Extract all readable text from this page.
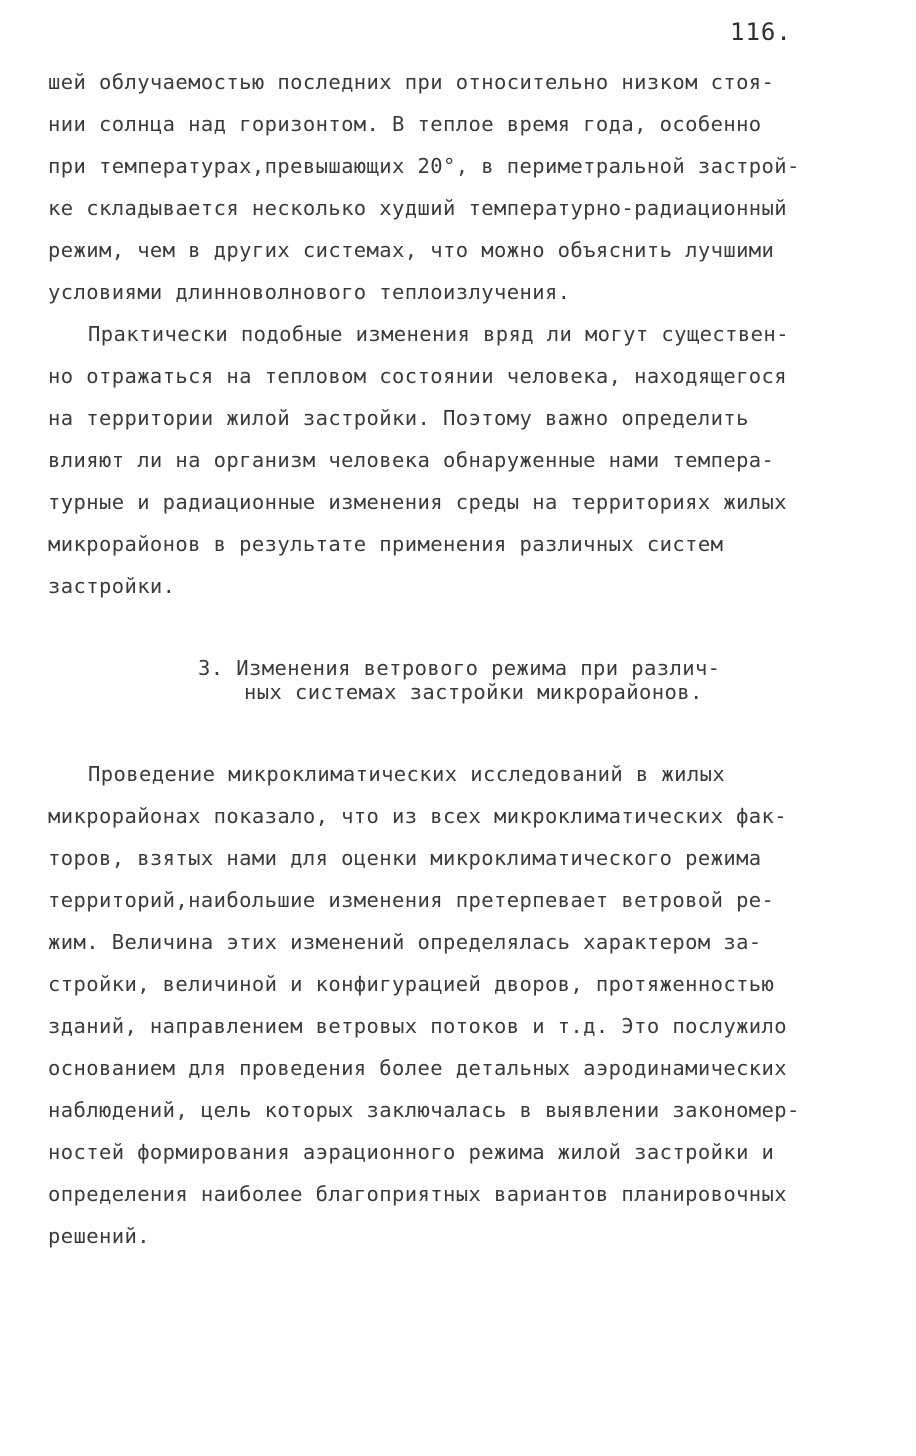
116.
шей облучаемостью последних при относительно низком стоя-
нии солнца над горизонтом. В теплое время года, особенно
при температурах,превышающих 20°, в периметральной застрой-
ке складывается несколько худший температурно-радиационный
режим, чем в других системах, что можно объяснить лучшими
условиями длинноволнового теплоизлучения.
Практически подобные изменения вряд ли могут существен-
но отражаться на тепловом состоянии человека, находящегося
на территории жилой застройки. Поэтому важно определить
влияют ли на организм человека обнаруженные нами темпера-
турные и радиационные изменения среды на территориях жилых
микрорайонов в результате применения различных систем
застройки.
3. Изменения ветрового режима при различ-
ных системах застройки микрорайонов.
Проведение микроклиматических исследований в жилых
микрорайонах показало, что из всех микроклиматических фак-
торов, взятых нами для оценки микроклиматического режима
территорий,наибольшие изменения претерпевает ветровой ре-
жим. Величина этих изменений определялась характером за-
стройки, величиной и конфигурацией дворов, протяженностью
зданий, направлением ветровых потоков и т.д. Это послужило
основанием для проведения более детальных аэродинамических
наблюдений, цель которых заключалась в выявлении закономер-
ностей формирования аэрационного режима жилой застройки и
определения наиболее благоприятных вариантов планировочных
решений.
